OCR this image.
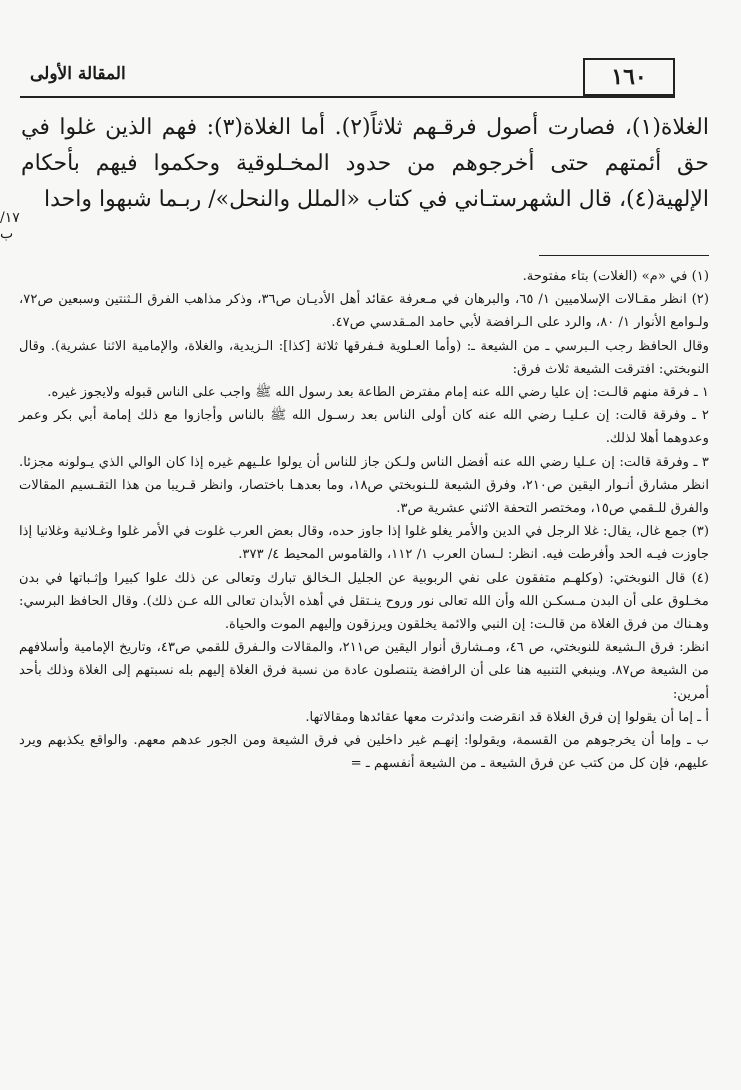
١٦٠
المقالة الأولى

الغلاة(١)، فصارت أصول فرقـهم ثلاثاً(٢). أما الغلاة(٣): فهم الذين غلوا في حق أئمتهم حتى أخرجوهم من حدود المخـلوقية وحكموا فيهم بأحكام الإلهية(٤)، قال الشهرستـاني في كتاب «الملل والنحل»/ ربـما شبهوا واحدا

١٧/ب

(١) في «م» (الغلات) بتاء مفتوحة.

(٢) انظر مقـالات الإسلاميين ١/ ٦٥، والبرهان في مـعرفة عقائد أهل الأديـان ص٣٦، وذكر مذاهب الفرق الـثنتين وسبعين ص٧٢، ولـوامع الأنوار ١/ ٨٠، والرد على الـرافضة لأبي حامد المـقدسي ص٤٧.

وقال الحافظ رجب الـبرسي ـ من الشيعة ـ: (وأما العـلوية فـفرقها ثلاثة [كذا]: الـزيدية، والغلاة، والإمامية الاثنا عشرية). وقال النوبختي: افترقت الشيعة ثلاث فرق:

١ ـ فرقة منهم قالـت: إن عليا رضي الله عنه إمام مفترض الطاعة بعد رسول الله ﷺ واجب على الناس قبوله ولايجوز غيره.

٢ ـ وفرقة قالت: إن عـليـا رضي الله عنه كان أولى الناس بعد رسـول الله ﷺ بالناس وأجازوا مع ذلك إمامة أبي بكر وعمر وعدوهما أهلا لذلك.

٣ ـ وفرقة قالت: إن عـليا رضي الله عنه أفضل الناس ولـكن جاز للناس أن يولوا علـيهم غيره إذا كان الوالي الذي يـولونه مجزئا. انظر مشارق أنـوار اليقين ص٢١٠، وفرق الشيعة للـنوبختي ص١٨، وما بعدهـا باختصار، وانظر قـريبا من هذا التقـسيم المقالات والفرق للـقمي ص١٥، ومختصر التحفة الاثني عشرية ص٣.

(٣) جمع غال، يقال: غلا الرجل في الدين والأمر يغلو غلوا إذا جاوز حده، وقال بعض العرب غلوت في الأمر غلوا وغـلانية وغلانيا إذا جاوزت فيـه الحد وأفرطت فيه. انظر: لـسان العرب ١/ ١١٢، والقاموس المحيط ٤/ ٣٧٣.

(٤) قال النوبختي: (وكلهـم متفقون على نفي الربوبية عن الجليل الـخالق تبارك وتعالى عن ذلك علوا كبيرا وإثـباتها في بدن مخـلوق على أن البدن مـسكـن الله وأن الله تعالى نور وروح ينـتقل في أهذه الأبدان تعالى الله عـن ذلك). وقال الحافظ البرسي: وهـناك من فرق الغلاة من قالـت: إن النبي والائمة يخلقون ويرزقون وإليهم الموت والحياة.

انظر: فرق الـشيعة للنوبختي، ص ٤٦، ومـشارق أنوار اليقين ص٢١١، والمقالات والـفرق للقمي ص٤٣، وتاريخ الإمامية وأسلافهم من الشيعة ص٨٧. وينبغي التنبيه هنا على أن الرافضة يتنصلون عادة من نسبة فرق الغلاة إليهم بله نسبتهم إلى الغلاة وذلك بأحد أمرين:

أ ـ إما أن يقولوا إن فرق الغلاة قد انقرضت واندثرت معها عقائدها ومقالاتها.

ب ـ وإما أن يخرجوهم من القسمة، ويقولوا: إنهـم غير داخلين في فرق الشيعة ومن الجور عدهم معهم. والواقع يكذبهم ويرد عليهم، فإن كل من كتب عن فرق الشيعة ـ من الشيعة أنفسهم ـ =
